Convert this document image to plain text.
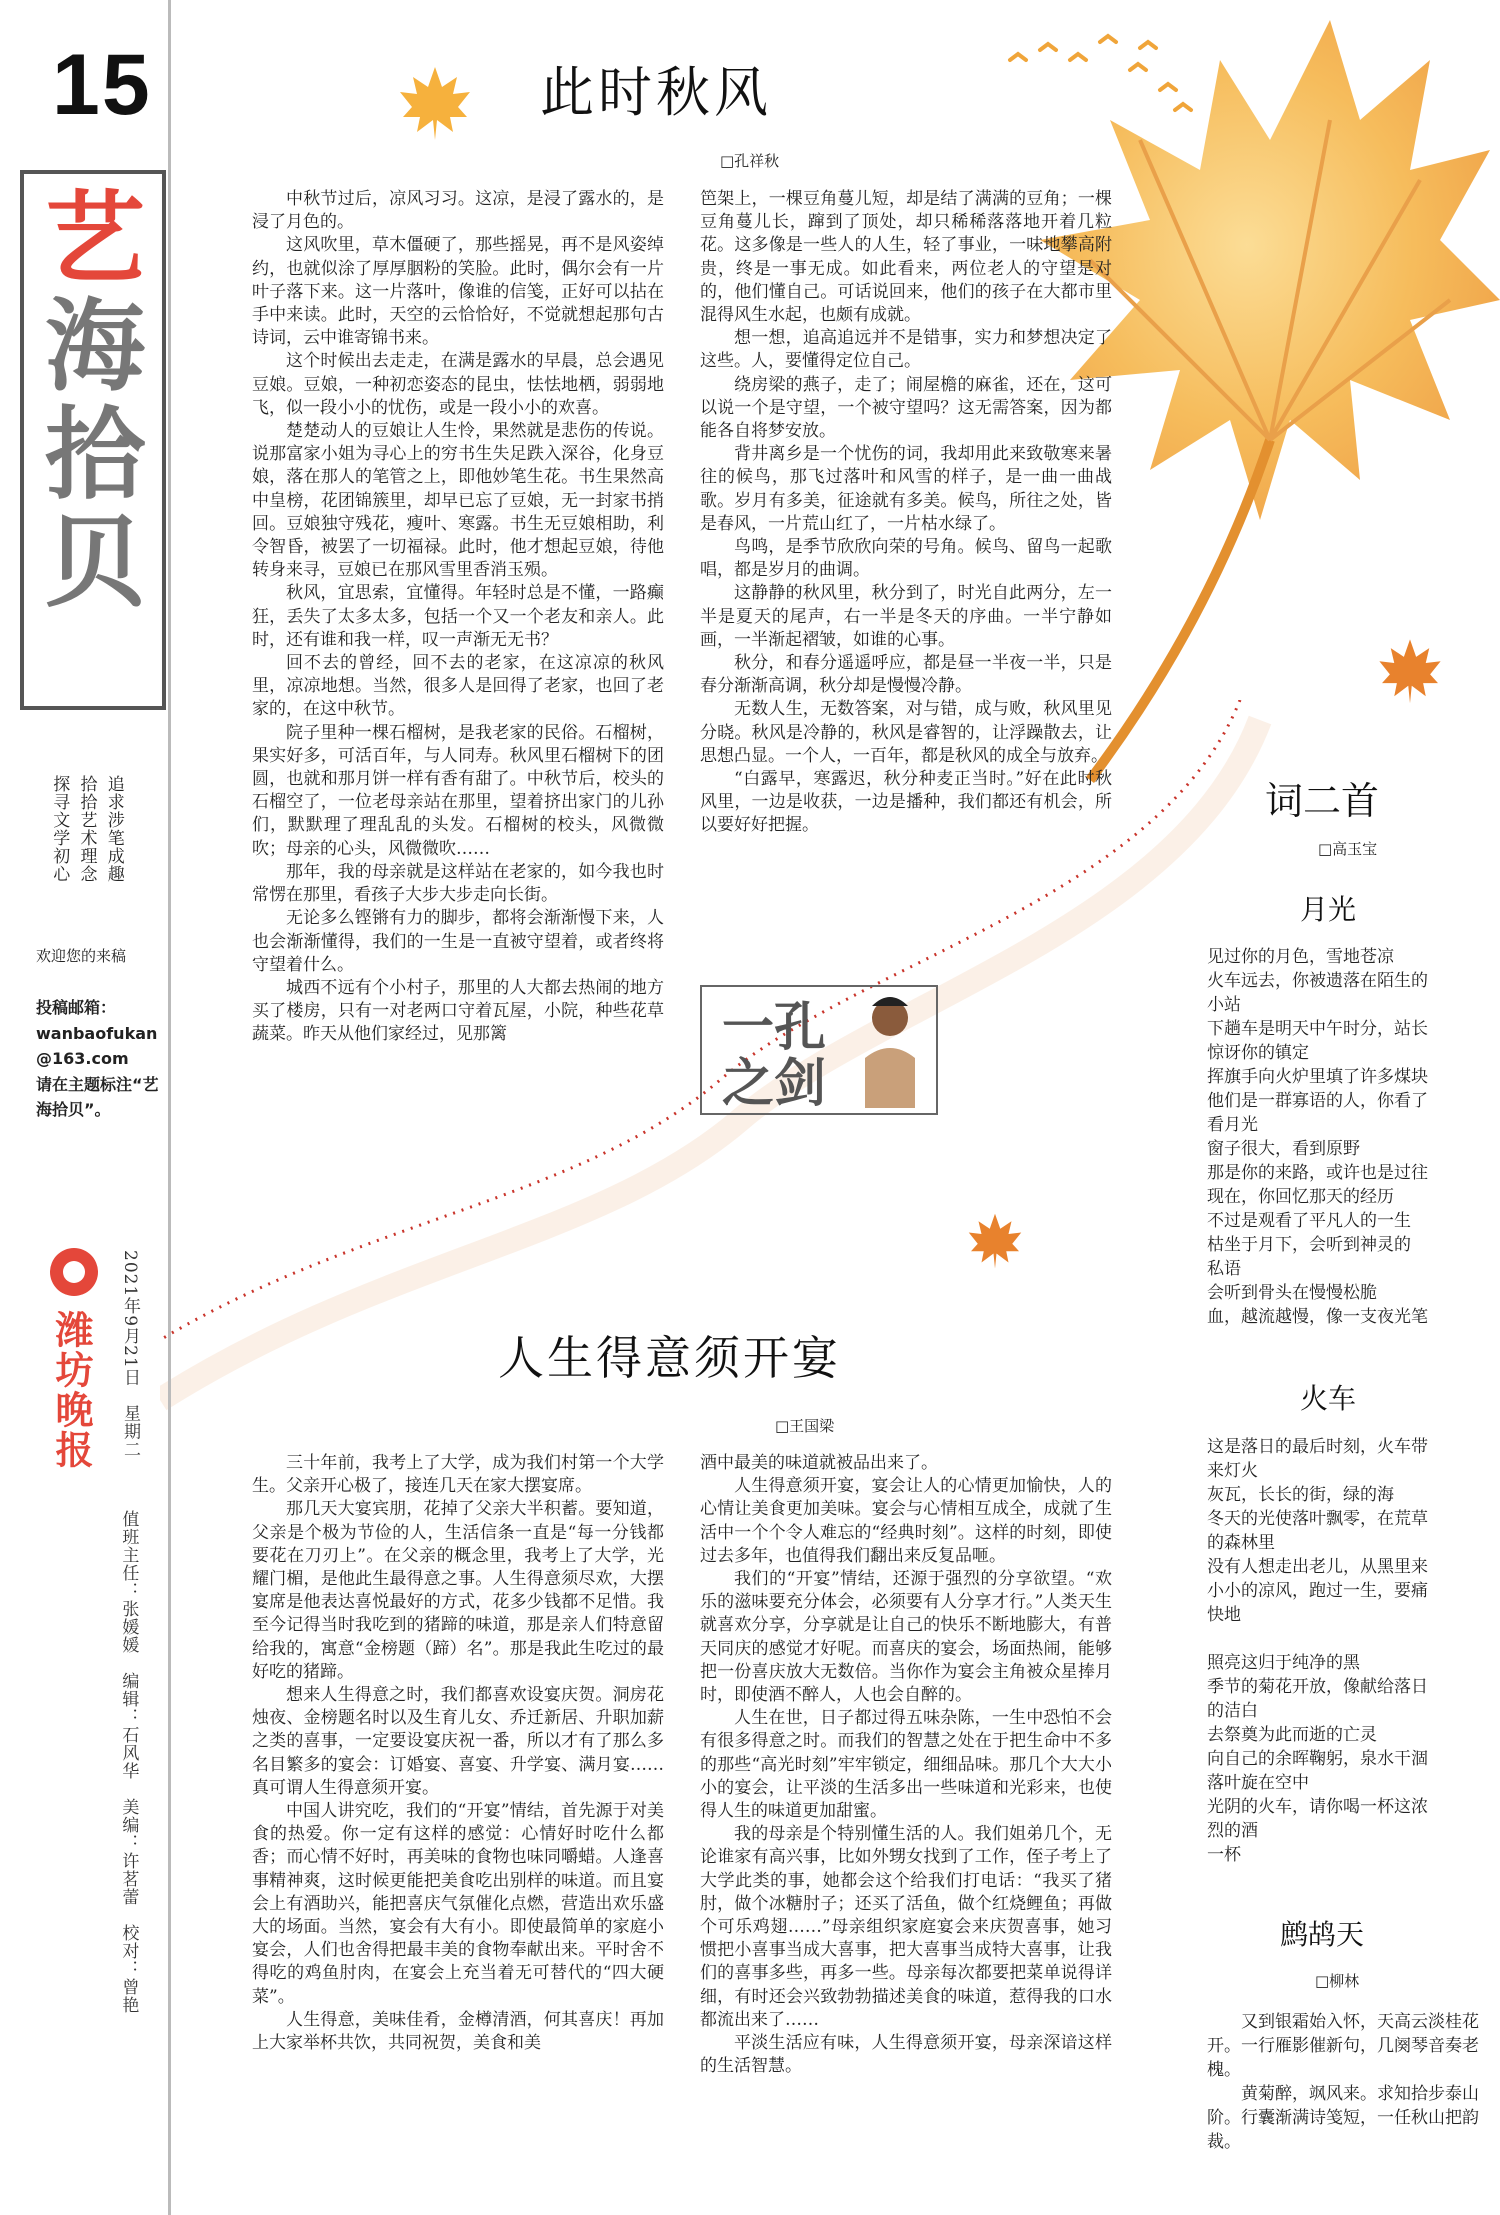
15
艺
海
拾
贝
追求涉笔成趣
拾拾艺术理念
探寻文学初心
欢迎您的来稿
投稿邮箱：
wanbaofukan@163.com
请在主题标注“艺海拾贝”。
潍坊晚报 2021年9月21日　星期二
值班主任：张媛媛　编辑：石风华　美编：许茗蕾　校对：曾艳
此时秋风
□孔祥秋

中秋节过后，凉风习习。这凉，是浸了露水的，是浸了月色的。

这风吹里，草木僵硬了，那些摇晃，再不是风姿绰约，也就似涂了厚厚胭粉的笑脸。此时，偶尔会有一片叶子落下来。这一片落叶，像谁的信笺，正好可以拈在手中来读。此时，天空的云恰恰好，不觉就想起那句古诗词，云中谁寄锦书来。

这个时候出去走走，在满是露水的早晨，总会遇见豆娘。豆娘，一种初恋姿态的昆虫，怯怯地栖，弱弱地飞，似一段小小的忧伤，或是一段小小的欢喜。

楚楚动人的豆娘让人生怜，果然就是悲伤的传说。说那富家小姐为寻心上的穷书生失足跌入深谷，化身豆娘，落在那人的笔管之上，即他妙笔生花。书生果然高中皇榜，花团锦簇里，却早已忘了豆娘，无一封家书捎回。豆娘独守残花，瘦叶、寒露。书生无豆娘相助，利令智昏，被罢了一切福禄。此时，他才想起豆娘，待他转身来寻，豆娘已在那风雪里香消玉殒。

秋风，宜思索，宜懂得。年轻时总是不懂，一路癫狂，丢失了太多太多，包括一个又一个老友和亲人。此时，还有谁和我一样，叹一声渐无无书？

回不去的曾经，回不去的老家，在这凉凉的秋风里，凉凉地想。当然，很多人是回得了老家，也回了老家的，在这中秋节。

院子里种一棵石榴树，是我老家的民俗。石榴树，果实好多，可活百年，与人同寿。秋风里石榴树下的团圆，也就和那月饼一样有香有甜了。中秋节后，校头的石榴空了，一位老母亲站在那里，望着挤出家门的儿孙们，默默理了理乱乱的头发。石榴树的校头，风微微吹；母亲的心头，风微微吹……

那年，我的母亲就是这样站在老家的，如今我也时常愣在那里，看孩子大步大步走向长街。

无论多么铿锵有力的脚步，都将会渐渐慢下来，人也会渐渐懂得，我们的一生是一直被守望着，或者终将守望着什么。

城西不远有个小村子，那里的人大都去热闹的地方买了楼房，只有一对老两口守着瓦屋，小院，种些花草蔬菜。昨天从他们家经过，见那篱

笆架上，一棵豆角蔓儿短，却是结了满满的豆角；一棵豆角蔓儿长，蹿到了顶处，却只稀稀落落地开着几粒花。这多像是一些人的人生，轻了事业，一味地攀高附贵，终是一事无成。如此看来，两位老人的守望是对的，他们懂自己。可话说回来，他们的孩子在大都市里混得风生水起，也颇有成就。

想一想，追高追远并不是错事，实力和梦想决定了这些。人，要懂得定位自己。

绕房梁的燕子，走了；闹屋檐的麻雀，还在，这可以说一个是守望，一个被守望吗？这无需答案，因为都能各自将梦安放。

背井离乡是一个忧伤的词，我却用此来致敬寒来暑往的候鸟，那飞过落叶和风雪的样子，是一曲一曲战歌。岁月有多美，征途就有多美。候鸟，所往之处，皆是春风，一片荒山红了，一片枯水绿了。

鸟鸣，是季节欣欣向荣的号角。候鸟、留鸟一起歌唱，都是岁月的曲调。

这静静的秋风里，秋分到了，时光自此两分，左一半是夏天的尾声，右一半是冬天的序曲。一半宁静如画，一半渐起褶皱，如谁的心事。

秋分，和春分遥遥呼应，都是昼一半夜一半，只是春分渐渐高调，秋分却是慢慢冷静。

无数人生，无数答案，对与错，成与败，秋风里见分晓。秋风是冷静的，秋风是睿智的，让浮躁散去，让思想凸显。一个人，一百年，都是秋风的成全与放弃。

“白露早，寒露迟，秋分种麦正当时。”好在此时秋风里，一边是收获，一边是播种，我们都还有机会，所以要好好把握。

一孔之剑
人生得意须开宴
□王国梁

三十年前，我考上了大学，成为我们村第一个大学生。父亲开心极了，接连几天在家大摆宴席。

那几天大宴宾朋，花掉了父亲大半积蓄。要知道，父亲是个极为节俭的人，生活信条一直是“每一分钱都要花在刀刃上”。在父亲的概念里，我考上了大学，光耀门楣，是他此生最得意之事。人生得意须尽欢，大摆宴席是他表达喜悦最好的方式，花多少钱都不足惜。我至今记得当时我吃到的猪蹄的味道，那是亲人们特意留给我的，寓意“金榜题（蹄）名”。那是我此生吃过的最好吃的猪蹄。

想来人生得意之时，我们都喜欢设宴庆贺。洞房花烛夜、金榜题名时以及生育儿女、乔迁新居、升职加薪之类的喜事，一定要设宴庆祝一番，所以才有了那么多名目繁多的宴会：订婚宴、喜宴、升学宴、满月宴……真可谓人生得意须开宴。

中国人讲究吃，我们的“开宴”情结，首先源于对美食的热爱。你一定有这样的感觉：心情好时吃什么都香；而心情不好时，再美味的食物也味同嚼蜡。人逢喜事精神爽，这时候更能把美食吃出别样的味道。而且宴会上有酒助兴，能把喜庆气氛催化点燃，营造出欢乐盛大的场面。当然，宴会有大有小。即使最简单的家庭小宴会，人们也舍得把最丰美的食物奉献出来。平时舍不得吃的鸡鱼肘肉，在宴会上充当着无可替代的“四大硬菜”。

人生得意，美味佳肴，金樽清酒，何其喜庆！再加上大家举杯共饮，共同祝贺，美食和美

酒中最美的味道就被品出来了。

人生得意须开宴，宴会让人的心情更加愉快，人的心情让美食更加美味。宴会与心情相互成全，成就了生活中一个个令人难忘的“经典时刻”。这样的时刻，即使过去多年，也值得我们翻出来反复品咂。

我们的“开宴”情结，还源于强烈的分享欲望。“欢乐的滋味要充分体会，必须要有人分享才行。”人类天生就喜欢分享，分享就是让自己的快乐不断地膨大，有普天同庆的感觉才好呢。而喜庆的宴会，场面热闹，能够把一份喜庆放大无数倍。当你作为宴会主角被众星捧月时，即使酒不醉人，人也会自醉的。

人生在世，日子都过得五味杂陈，一生中恐怕不会有很多得意之时。而我们的智慧之处在于把生命中不多的那些“高光时刻”牢牢锁定，细细品味。那几个大大小小的宴会，让平淡的生活多出一些味道和光彩来，也使得人生的味道更加甜蜜。

我的母亲是个特别懂生活的人。我们姐弟几个，无论谁家有高兴事，比如外甥女找到了工作，侄子考上了大学此类的事，她都会这个给我们打电话：“我买了猪肘，做个冰糖肘子；还买了活鱼，做个红烧鲤鱼；再做个可乐鸡翅……”母亲组织家庭宴会来庆贺喜事，她习惯把小喜事当成大喜事，把大喜事当成特大喜事，让我们的喜事多些，再多一些。母亲每次都要把菜单说得详细，有时还会兴致勃勃描述美食的味道，惹得我的口水都流出来了……

平淡生活应有味，人生得意须开宴，母亲深谙这样的生活智慧。

词二首
□高玉宝
月光

见过你的月色，雪地苍凉

火车远去，你被遗落在陌生的

小站

下趟车是明天中午时分，站长

惊讶你的镇定

挥旗手向火炉里填了许多煤块

他们是一群寡语的人，你看了

看月光

窗子很大，看到原野

那是你的来路，或许也是过往

现在，你回忆那天的经历

不过是观看了平凡人的一生

枯坐于月下，会听到神灵的

私语

会听到骨头在慢慢松脆

血，越流越慢，像一支夜光笔

火车

这是落日的最后时刻，火车带

来灯火

灰瓦，长长的街，绿的海

冬天的光使落叶飘零，在荒草

的森林里

没有人想走出老儿，从黑里来

小小的凉风，跑过一生，要痛

快地

照亮这归于纯净的黑

季节的菊花开放，像献给落日

的洁白

去祭奠为此而逝的亡灵

向自己的余晖鞠躬，泉水干涸

落叶旋在空中

光阴的火车，请你喝一杯这浓

烈的酒

一杯

鹧鸪天
□柳林

又到银霜始入怀，天高云淡桂花开。一行雁影催新句，几阕琴音奏老槐。

黄菊醉，飒风来。求知拾步泰山阶。行囊渐满诗笺短，一任秋山把韵裁。
